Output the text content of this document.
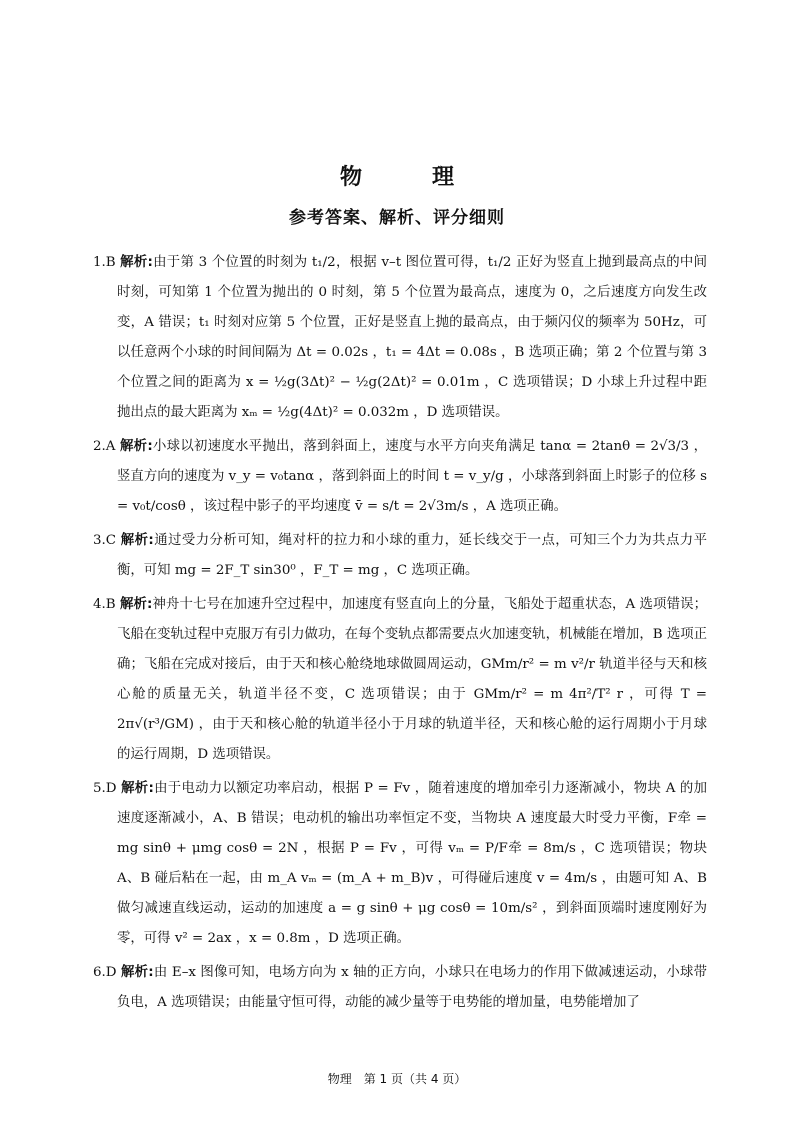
物　理
参考答案、解析、评分细则

1.B 解析:由于第 3 个位置的时刻为 t₁/2，根据 v–t 图位置可得，t₁/2 正好为竖直上抛到最高点的中间时刻，可知第 1 个位置为抛出的 0 时刻，第 5 个位置为最高点，速度为 0，之后速度方向发生改变，A 错误；t₁ 时刻对应第 5 个位置，正好是竖直上抛的最高点，由于频闪仪的频率为 50Hz，可以任意两个小球的时间间隔为 Δt = 0.02s ，t₁ = 4Δt = 0.08s ，B 选项正确；第 2 个位置与第 3 个位置之间的距离为 x = ½g(3Δt)² − ½g(2Δt)² = 0.01m ，C 选项错误；D 小球上升过程中距抛出点的最大距离为 xₘ = ½g(4Δt)² = 0.032m ，D 选项错误。

2.A 解析:小球以初速度水平抛出，落到斜面上，速度与水平方向夹角满足 tanα = 2tanθ = 2√3/3 ，竖直方向的速度为 v_y = v₀tanα ，落到斜面上的时间 t = v_y/g ，小球落到斜面上时影子的位移 s = v₀t/cosθ ，该过程中影子的平均速度 v̄ = s/t = 2√3m/s ，A 选项正确。

3.C 解析:通过受力分析可知，绳对杆的拉力和小球的重力，延长线交于一点，可知三个力为共点力平衡，可知 mg = 2F_T sin30⁰ ，F_T = mg ，C 选项正确。

4.B 解析:神舟十七号在加速升空过程中，加速度有竖直向上的分量，飞船处于超重状态，A 选项错误；飞船在变轨过程中克服万有引力做功，在每个变轨点都需要点火加速变轨，机械能在增加，B 选项正确；飞船在完成对接后，由于天和核心舱绕地球做圆周运动，GMm/r² = m v²/r 轨道半径与天和核心舱的质量无关，轨道半径不变，C 选项错误；由于 GMm/r² = m 4π²/T² r ，可得 T = 2π√(r³/GM) ，由于天和核心舱的轨道半径小于月球的轨道半径，天和核心舱的运行周期小于月球的运行周期，D 选项错误。

5.D 解析:由于电动力以额定功率启动，根据 P = Fv ，随着速度的增加牵引力逐渐减小，物块 A 的加速度逐渐减小，A、B 错误；电动机的输出功率恒定不变，当物块 A 速度最大时受力平衡，F牵 = mg sinθ + μmg cosθ = 2N ，根据 P = Fv ，可得 vₘ = P/F牵 = 8m/s ，C 选项错误；物块 A、B 碰后粘在一起，由 m_A vₘ = (m_A + m_B)v ，可得碰后速度 v = 4m/s ，由题可知 A、B 做匀减速直线运动，运动的加速度 a = g sinθ + μg cosθ = 10m/s² ，到斜面顶端时速度刚好为零，可得 v² = 2ax ，x = 0.8m ，D 选项正确。

6.D 解析:由 E–x 图像可知，电场方向为 x 轴的正方向，小球只在电场力的作用下做减速运动，小球带负电，A 选项错误；由能量守恒可得，动能的减少量等于电势能的增加量，电势能增加了

物理　第 1 页（共 4 页）
